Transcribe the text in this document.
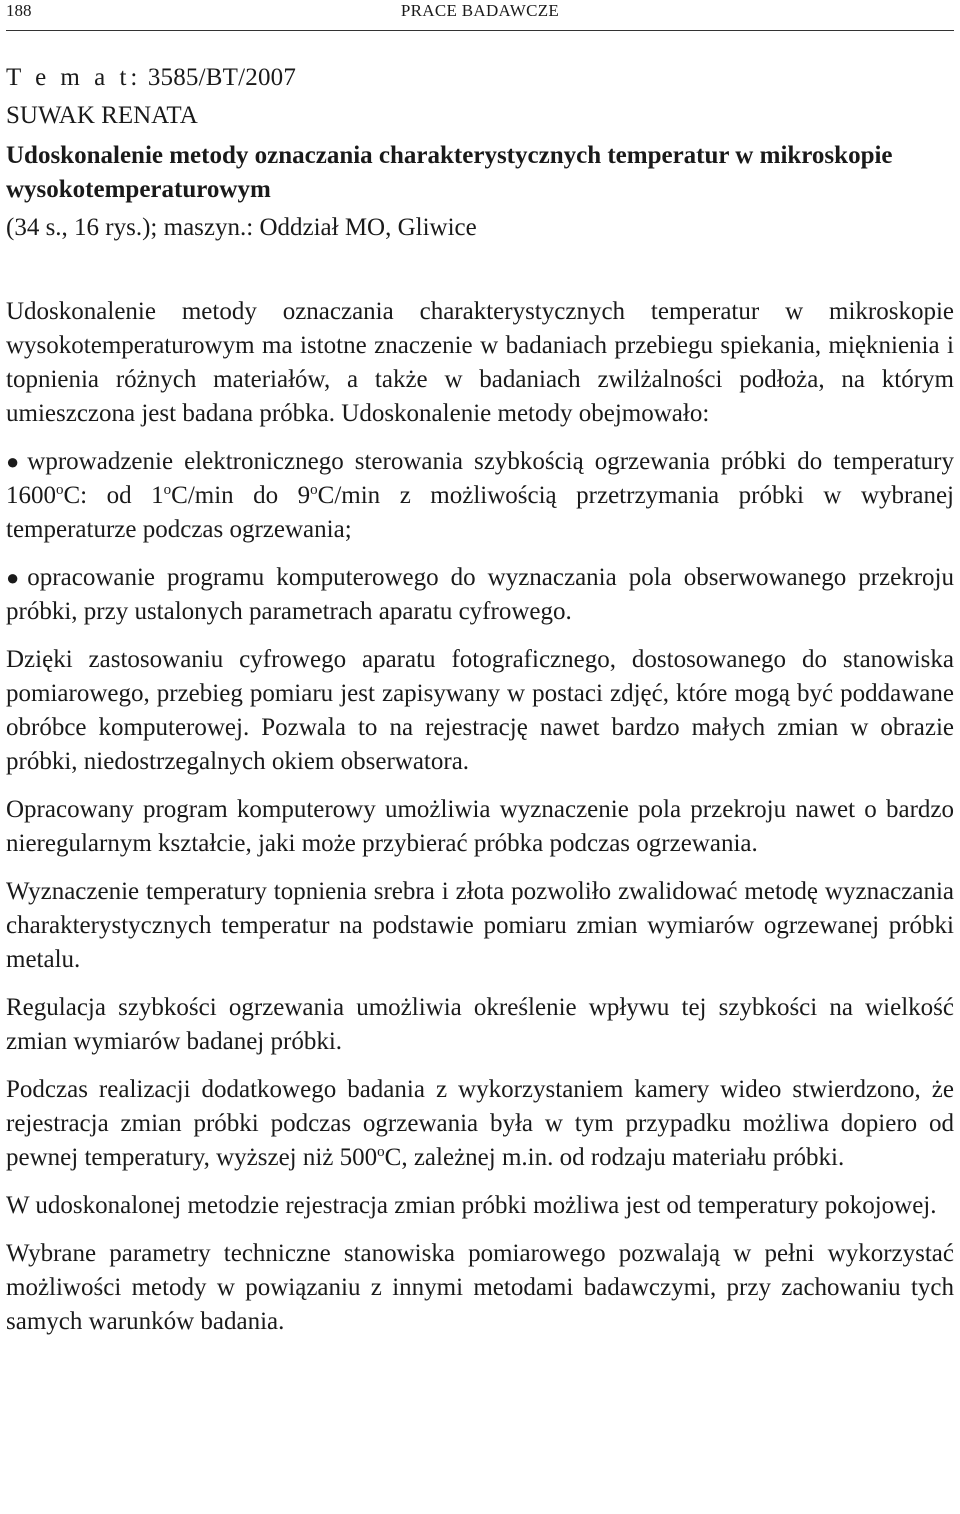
188	PRACE BADAWCZE
T e m a t: 3585/BT/2007
SUWAK RENATA
Udoskonalenie metody oznaczania charakterystycznych temperatur w mikroskopie wysokotemperaturowym
(34 s., 16 rys.); maszyn.: Oddział MO, Gliwice

Udoskonalenie metody oznaczania charakterystycznych temperatur w mikroskopie wysokotemperaturowym ma istotne znaczenie w badaniach przebiegu spiekania, mięknienia i topnienia różnych materiałów, a także w badaniach zwilżalności podłoża, na którym umieszczona jest badana próbka. Udoskonalenie metody obejmowało:

● wprowadzenie elektronicznego sterowania szybkością ogrzewania próbki do temperatury 1600$^o$C: od 1$^o$C/min do 9$^o$C/min z możliwością przetrzymania próbki w wybranej temperaturze podczas ogrzewania;
● opracowanie programu komputerowego do wyznaczania pola obserwowanego przekroju próbki, przy ustalonych parametrach aparatu cyfrowego.

Dzięki zastosowaniu cyfrowego aparatu fotograficznego, dostosowanego do stanowiska pomiarowego, przebieg pomiaru jest zapisywany w postaci zdjęć, które mogą być poddawane obróbce komputerowej. Pozwala to na rejestrację nawet bardzo małych zmian w obrazie próbki, niedostrzegalnych okiem obserwatora.

Opracowany program komputerowy umożliwia wyznaczenie pola przekroju nawet o bardzo nieregularnym kształcie, jaki może przybierać próbka podczas ogrzewania.

Wyznaczenie temperatury topnienia srebra i złota pozwoliło zwalidować metodę wyznaczania charakterystycznych temperatur na podstawie pomiaru zmian wymiarów ogrzewanej próbki metalu.

Regulacja szybkości ogrzewania umożliwia określenie wpływu tej szybkości na wielkość zmian wymiarów badanej próbki.

Podczas realizacji dodatkowego badania z wykorzystaniem kamery wideo stwierdzono, że rejestracja zmian próbki podczas ogrzewania była w tym przypadku możliwa dopiero od pewnej temperatury, wyższej niż 500$^o$C, zależnej m.in. od rodzaju materiału próbki.

W udoskonalonej metodzie rejestracja zmian próbki możliwa jest od temperatury pokojowej.

Wybrane parametry techniczne stanowiska pomiarowego pozwalają w pełni wykorzystać możliwości metody w powiązaniu z innymi metodami badawczymi, przy zachowaniu tych samych warunków badania.
